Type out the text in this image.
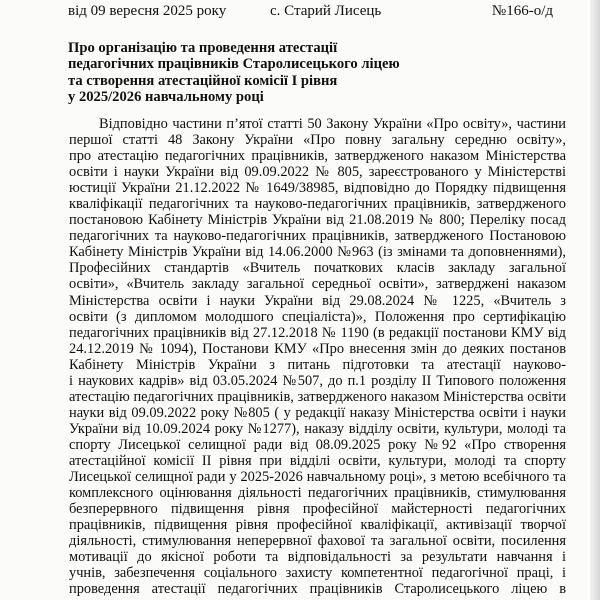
від 09 вересня 2025 року	с. Старий Лисець	№166-о/д
Про організацію та проведення атестації
педагогічних працівників Старолисецького ліцею
та створення атестаційної комісії І рівня
у 2025/2026 навчальному році
Відповідно частини п’ятої статті 50 Закону України «Про освіту», частини
першої статті 48 Закону України «Про повну загальну середню освіту»,
про атестацію педагогічних працівників, затвердженого наказом Міністерства
освіти і науки України від 09.09.2022 № 805, зареєстрованого у Міністерстві
юстиції України 21.12.2022 № 1649/38985, відповідно до Порядку підвищення
кваліфікації педагогічних та науково-педагогічних працівників, затвердженого
постановою Кабінету Міністрів України від 21.08.2019 № 800; Переліку посад
педагогічних та науково-педагогічних працівників, затвердженого Постановою
Кабінету Міністрів України від 14.06.2000 №963 (із змінами та доповненнями),
Професійних стандартів «Вчитель початкових класів закладу загальної
освіти», «Вчитель закладу загальної середньої освіти», затверджені наказом
Міністерства освіти і науки України від 29.08.2024 № 1225, «Вчитель з
освіти (з дипломом молодшого спеціаліста)», Положення про сертифікацію
педагогічних працівників від 27.12.2018 № 1190 (в редакції постанови КМУ від
24.12.2019 № 1094), Постанови КМУ «Про внесення змін до деяких постанов
Кабінету Міністрів України з питань підготовки та атестації науково-
і наукових кадрів» від 03.05.2024 №507, до п.1 розділу II Типового положення
атестацію педагогічних працівників, затвердженого наказом Міністерства освіти
науки від 09.09.2022 року №805 ( у редакції наказу Міністерства освіти і науки
України від 10.09.2024 року №1277), наказу відділу освіти, культури, молоді та
спорту Лисецької селищної ради від 08.09.2025 року №92 «Про створення
атестаційної комісії II рівня при відділі освіти, культури, молоді та спорту
Лисецької селищної ради у 2025-2026 навчальному році», з метою всебічного та
комплексного оцінювання діяльності педагогічних працівників, стимулювання
безперервного підвищення рівня професійної майстерності педагогічних
працівників, підвищення рівня професійної кваліфікації, активізації творчої
діяльності, стимулювання неперервної фахової та загальної освіти, посилення
мотивації до якісної роботи та відповідальності за результати навчання і
учнів, забезпечення соціального захисту компетентної педагогічної праці, і
проведення атестації педагогічних працівників Старолисецького ліцею в
